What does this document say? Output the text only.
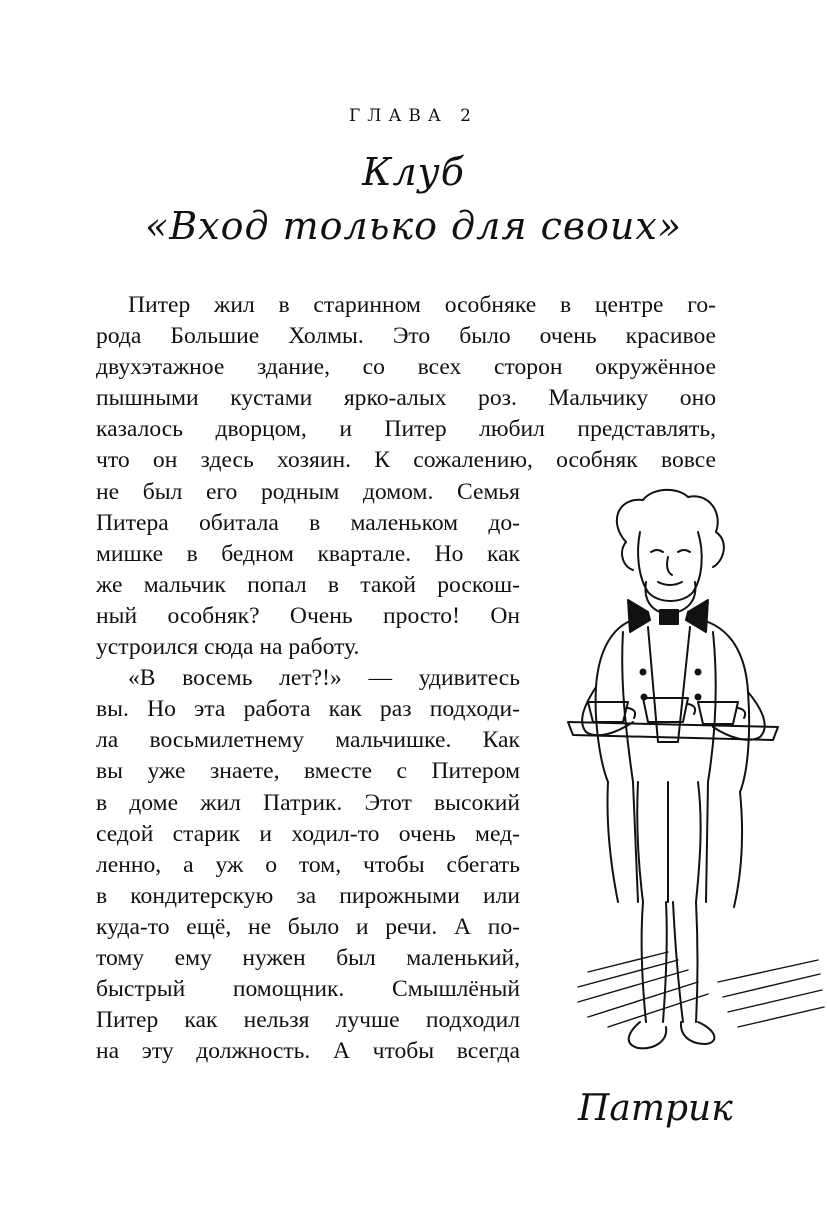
ГЛАВА 2
Клуб
«Вход только для своих»
Питер жил в старинном особняке в центре го-
рода Большие Холмы. Это было очень красивое
двухэтажное здание, со всех сторон окружённое
пышными кустами ярко-алых роз. Мальчику оно
казалось дворцом, и Питер любил представлять,
что он здесь хозяин. К сожалению, особняк вовсе
не был его родным домом. Семья
Питера обитала в маленьком до-
мишке в бедном квартале. Но как
же мальчик попал в такой роскош-
ный особняк? Очень просто! Он
устроился сюда на работу.
«В восемь лет?!» — удивитесь
вы. Но эта работа как раз подходи-
ла восьмилетнему мальчишке. Как
вы уже знаете, вместе с Питером
в доме жил Патрик. Этот высокий
седой старик и ходил-то очень мед-
ленно, а уж о том, чтобы сбегать
в кондитерскую за пирожными или
куда-то ещё, не было и речи. А по-
тому ему нужен был маленький,
быстрый помощник. Смышлёный
Питер как нельзя лучше подходил
на эту должность. А чтобы всегда
Патрик
